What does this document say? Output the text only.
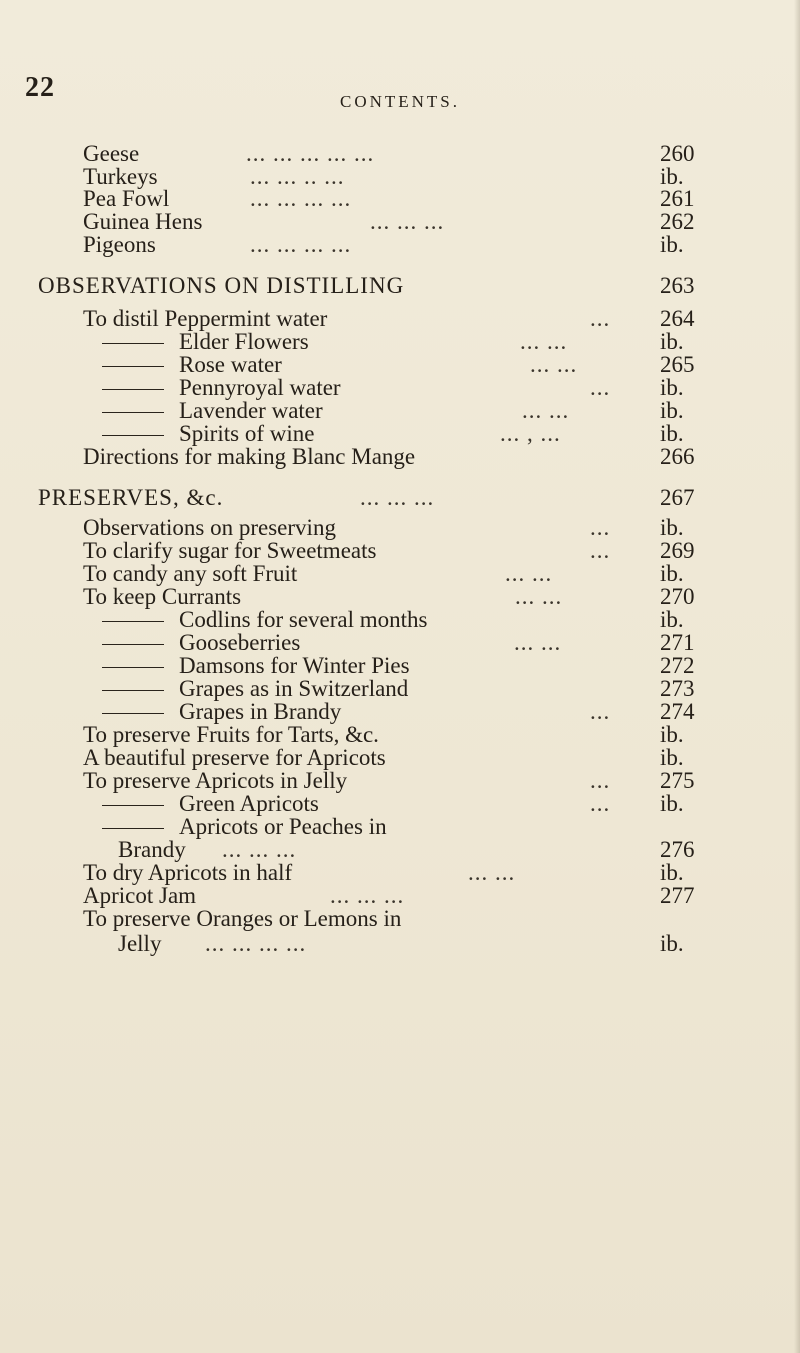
22	CONTENTS.
Geese	... ... ... ... ...	260
Turkeys	... ... .. ...	ib.
Pea Fowl	... ... ... ...	261
Guinea Hens	... ... ...	262
Pigeons	... ... ... ...	ib.
OBSERVATIONS ON DISTILLING	263
To distil Peppermint water	... 264
Elder Flowers	... ...	ib.
Rose water	... ...	265
Pennyroyal water	... ib.
Lavender water	... ...	ib.
Spirits of wine	... , ...	ib.
Directions for making Blanc Mange	266
PRESERVES, &c.	... ... ...	267
Observations on preserving	... ib.
To clarify sugar for Sweetmeats	... 269
To candy any soft Fruit	... ...	ib.
To keep Currants	... ...	270
Codlins for several months	ib.
Gooseberries	... ...	271
Damsons for Winter Pies	272
Grapes as in Switzerland	273
Grapes in Brandy	... 274
To preserve Fruits for Tarts, &c.	ib.
A beautiful preserve for Apricots	ib.
To preserve Apricots in Jelly	... 275
Green Apricots	... ib.
Apricots or Peaches in
Brandy ... ... ...	276
To dry Apricots in half	... ...	ib.
Apricot Jam	... ... ...	277
To preserve Oranges or Lemons in
Jelly ... ... ... ...	ib.
